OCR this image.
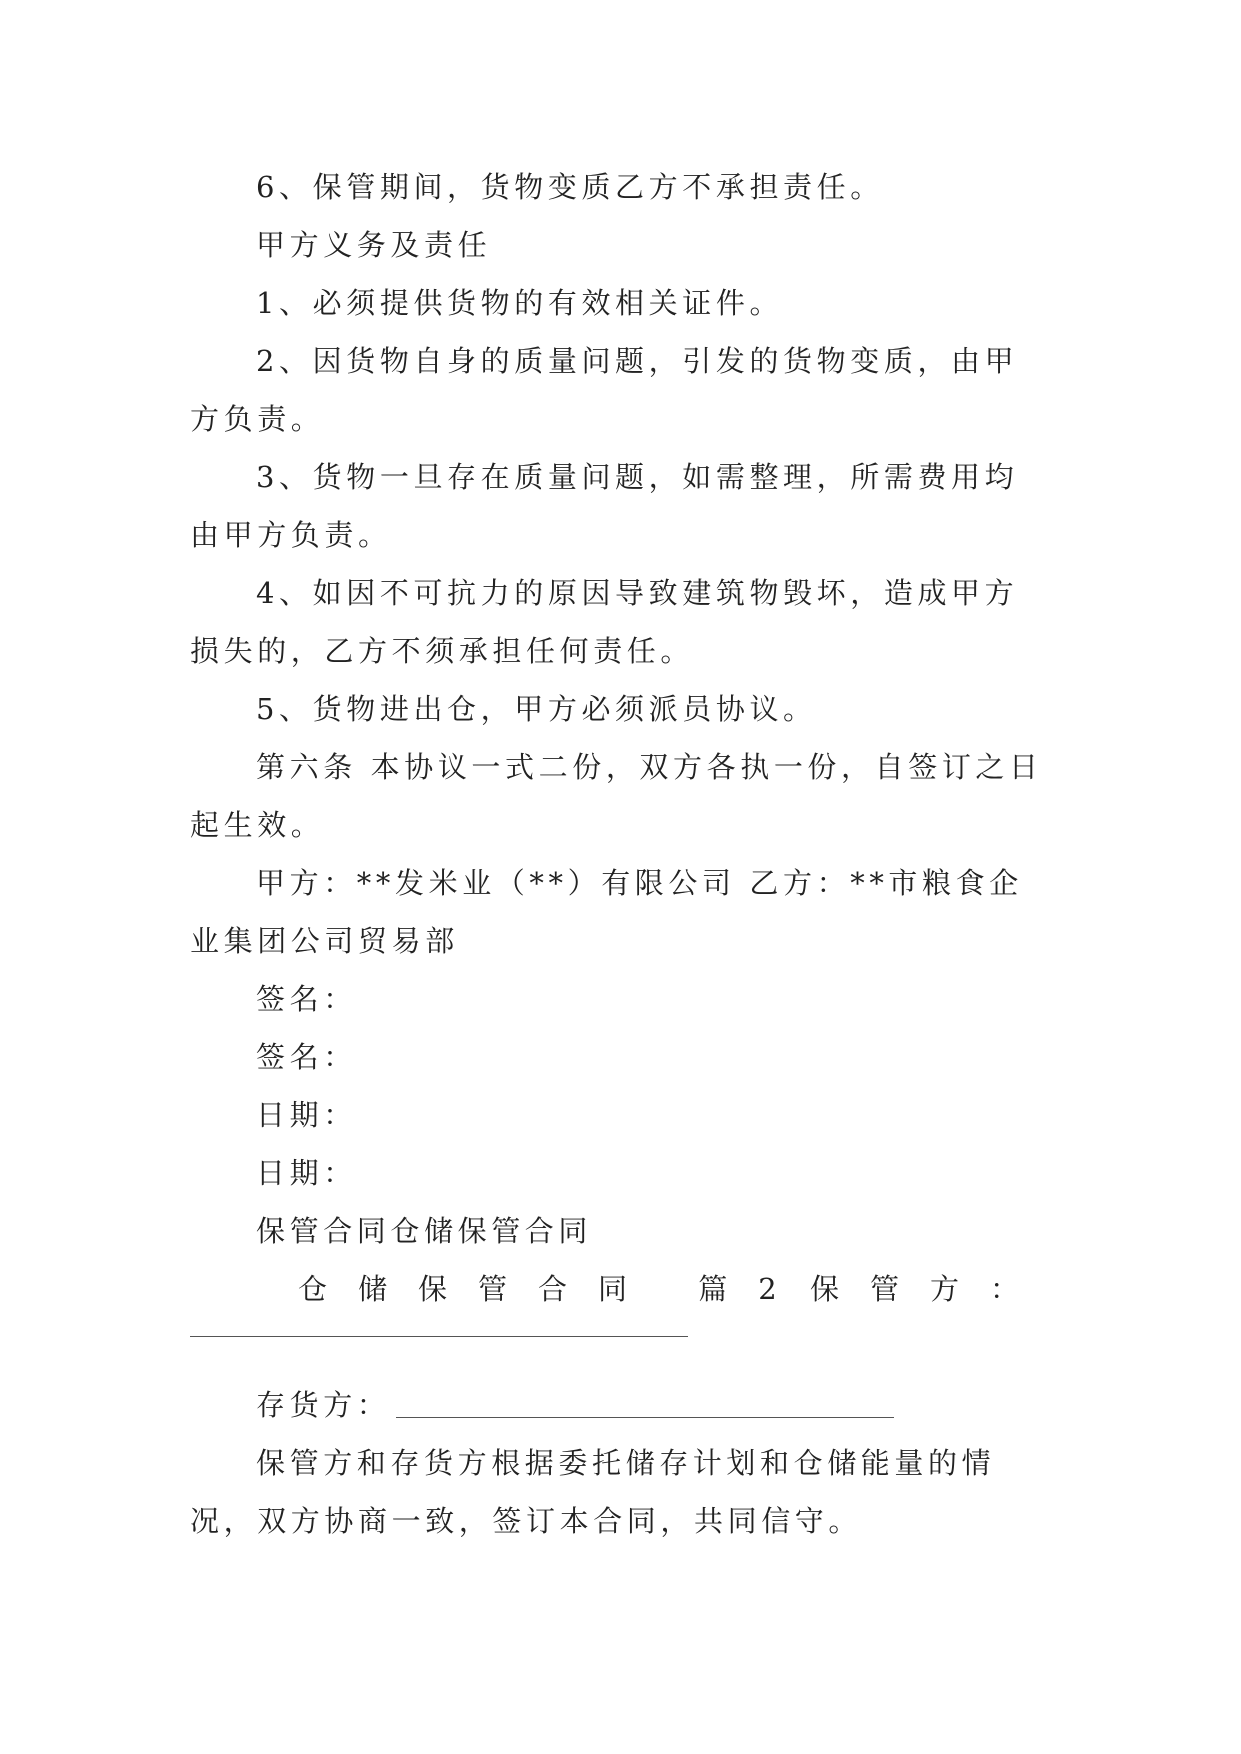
6、保管期间，货物变质乙方不承担责任。

甲方义务及责任

1、必须提供货物的有效相关证件。

2、因货物自身的质量问题，引发的货物变质，由甲方负责。

3、货物一旦存在质量问题，如需整理，所需费用均由甲方负责。

4、如因不可抗力的原因导致建筑物毁坏，造成甲方损失的，乙方不须承担任何责任。

5、货物进出仓，甲方必须派员协议。

第六条 本协议一式二份，双方各执一份，自签订之日起生效。

甲方：**发米业（**）有限公司 乙方：**市粮食企业集团公司贸易部

签名：

签名：

日期：

日期：

保管合同仓储保管合同

仓储保管合同 篇2 保管方：

存货方：

保管方和存货方根据委托储存计划和仓储能量的情况，双方协商一致，签订本合同，共同信守。
